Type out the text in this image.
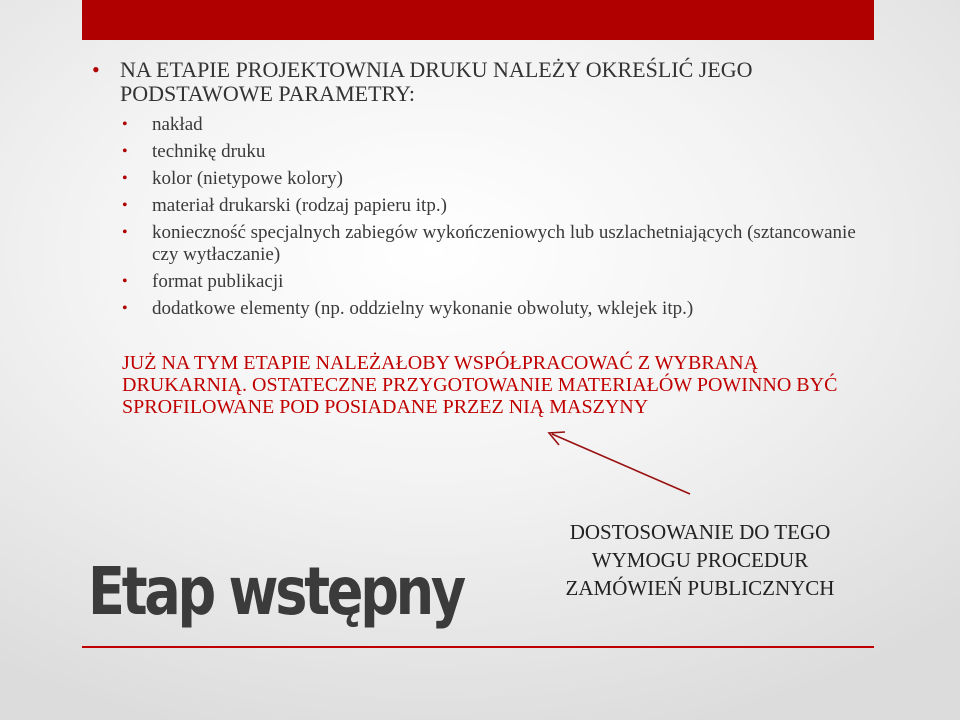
• NA ETAPIE PROJEKTOWNIA DRUKU NALEŻY OKREŚLIĆ JEGO PODSTAWOWE PARAMETRY:
• nakład
• technikę druku
• kolor (nietypowe kolory)
• materiał drukarski (rodzaj papieru itp.)
• konieczność specjalnych zabiegów wykończeniowych lub uszlachetniających (sztancowanie czy wytłaczanie)
• format publikacji
• dodatkowe elementy (np. oddzielny wykonanie obwoluty, wklejek itp.)

JUŻ NA TYM ETAPIE NALEŻAŁOBY WSPÓŁPRACOWAĆ Z WYBRANĄ DRUKARNIĄ. OSTATECZNE PRZYGOTOWANIE MATERIAŁÓW POWINNO BYĆ SPROFILOWANE POD POSIADANE PRZEZ NIĄ MASZYNY

DOSTOSOWANIE DO TEGO WYMOGU PROCEDUR ZAMÓWIEŃ PUBLICZNYCH

Etap wstępny
